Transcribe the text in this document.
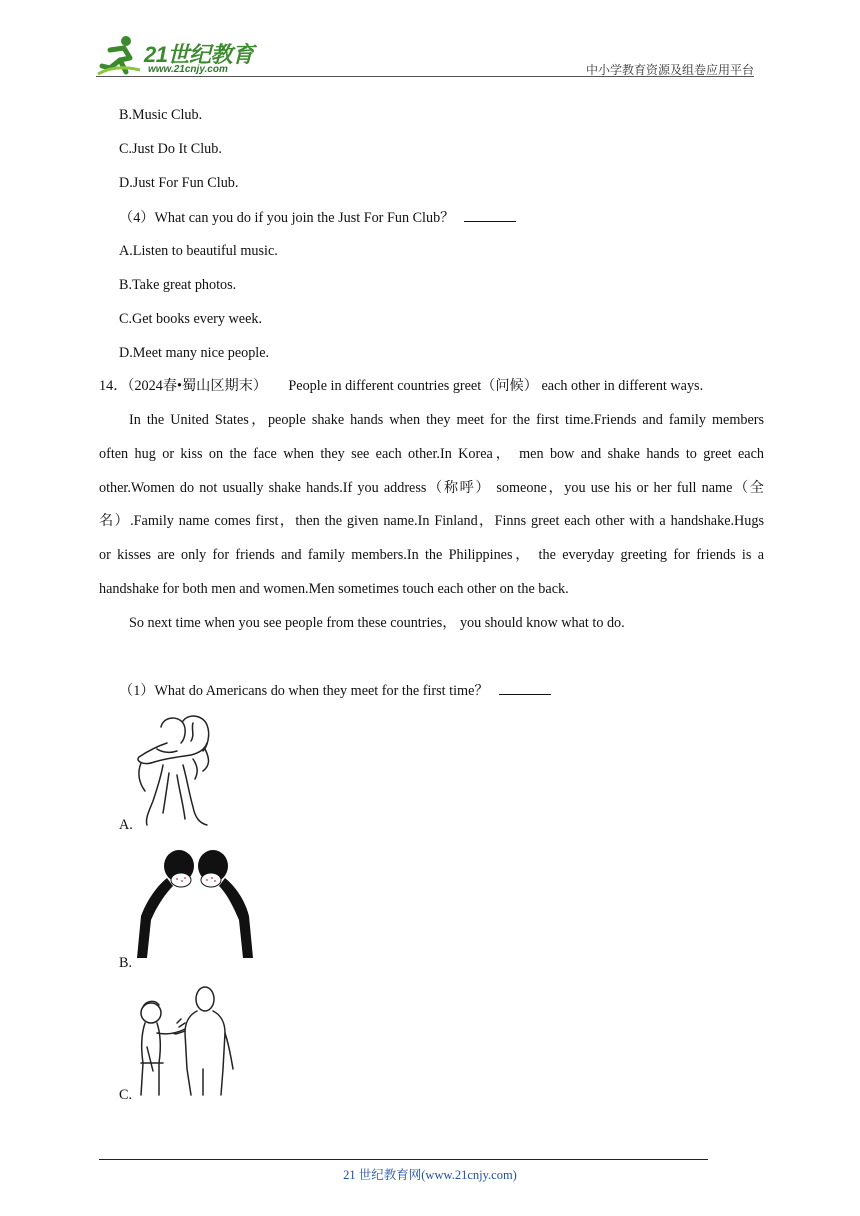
21世纪教育
www.21cnjy.com	中小学教育资源及组卷应用平台
B.Music Club.
C.Just Do It Club.
D.Just For Fun Club.
（4）What can you do if you join the Just For Fun Club？
A.Listen to beautiful music.
B.Take great photos.
C.Get books every week.
D.Meet many nice people.
14．（2024春•蜀山区期末）　　People in different countries greet（问候） each other in different ways.
In the United States，people shake hands when they meet for the first time.Friends and family members
often hug or kiss on the face when they see each other.In Korea， men bow and shake hands to greet each
other.Women do not usually shake hands.If you address（称呼） someone，you use his or her full name（全
名）.Family name comes first，then the given name.In Finland，Finns greet each other with a handshake.Hugs
or kisses are only for friends and family members.In the Philippines， the everyday greeting for friends is a
handshake for both men and women.Men sometimes touch each other on the back.
So next time when you see people from these countries， you should know what to do.
（1）What do Americans do when they meet for the first time？
A.
B.
C.
21 世纪教育网(www.21cnjy.com)
